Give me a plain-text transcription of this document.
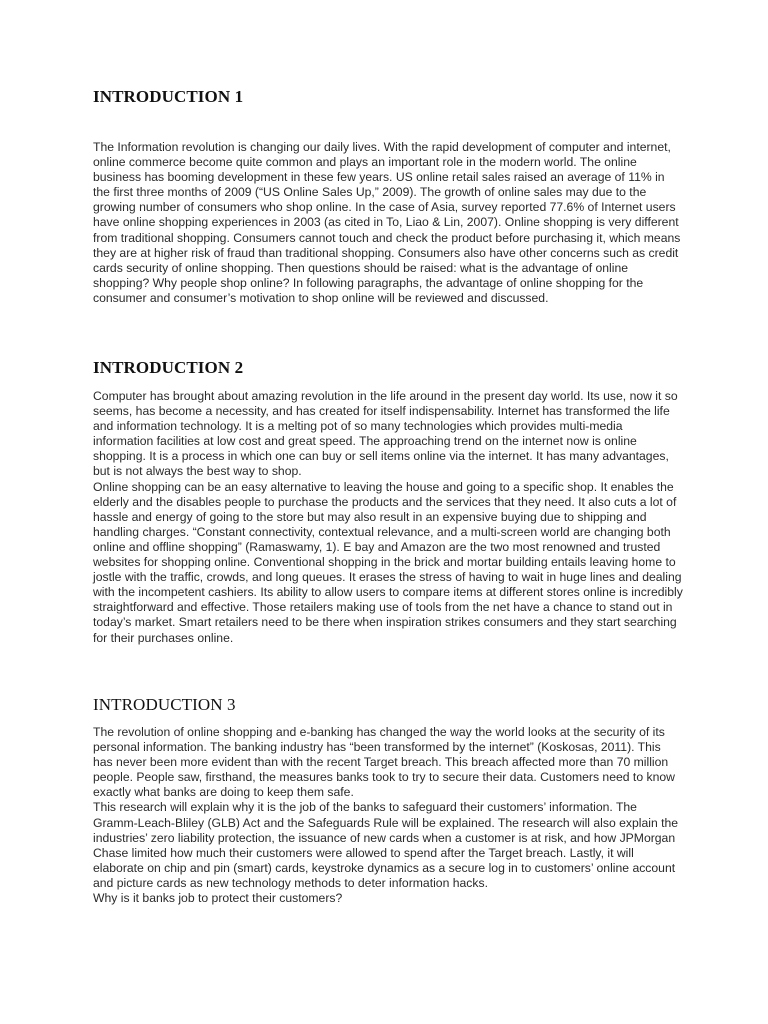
INTRODUCTION 1

The Information revolution is changing our daily lives. With the rapid development of computer and internet, online commerce become quite common and plays an important role in the modern world. The online business has booming development in these few years. US online retail sales raised an average of 11% in the first three months of 2009 (“US Online Sales Up,” 2009). The growth of online sales may due to the growing number of consumers who shop online. In the case of Asia, survey reported 77.6% of Internet users have online shopping experiences in 2003 (as cited in To, Liao & Lin, 2007). Online shopping is very different from traditional shopping. Consumers cannot touch and check the product before purchasing it, which means they are at higher risk of fraud than traditional shopping. Consumers also have other concerns such as credit cards security of online shopping. Then questions should be raised: what is the advantage of online shopping? Why people shop online? In following paragraphs, the advantage of online shopping for the consumer and consumer’s motivation to shop online will be reviewed and discussed.

INTRODUCTION 2

Computer has brought about amazing revolution in the life around in the present day world. Its use, now it so seems, has become a necessity, and has created for itself indispensability. Internet has transformed the life and information technology. It is a melting pot of so many technologies which provides multi-media information facilities at low cost and great speed. The approaching trend on the internet now is online shopping. It is a process in which one can buy or sell items online via the internet. It has many advantages, but is not always the best way to shop.

Online shopping can be an easy alternative to leaving the house and going to a specific shop. It enables the elderly and the disables people to purchase the products and the services that they need. It also cuts a lot of hassle and energy of going to the store but may also result in an expensive buying due to shipping and handling charges. “Constant connectivity, contextual relevance, and a multi-screen world are changing both online and offline shopping” (Ramaswamy, 1). E bay and Amazon are the two most renowned and trusted websites for shopping online. Conventional shopping in the brick and mortar building entails leaving home to jostle with the traffic, crowds, and long queues. It erases the stress of having to wait in huge lines and dealing with the incompetent cashiers. Its ability to allow users to compare items at different stores online is incredibly straightforward and effective. Those retailers making use of tools from the net have a chance to stand out in today’s market. Smart retailers need to be there when inspiration strikes consumers and they start searching for their purchases online.

INTRODUCTION 3

The revolution of online shopping and e-banking has changed the way the world looks at the security of its personal information. The banking industry has “been transformed by the internet” (Koskosas, 2011). This has never been more evident than with the recent Target breach. This breach affected more than 70 million people. People saw, firsthand, the measures banks took to try to secure their data. Customers need to know exactly what banks are doing to keep them safe.

This research will explain why it is the job of the banks to safeguard their customers’ information. The Gramm-Leach-Bliley (GLB) Act and the Safeguards Rule will be explained. The research will also explain the industries’ zero liability protection, the issuance of new cards when a customer is at risk, and how JPMorgan Chase limited how much their customers were allowed to spend after the Target breach. Lastly, it will elaborate on chip and pin (smart) cards, keystroke dynamics as a secure log in to customers’ online account and picture cards as new technology methods to deter information hacks.

Why is it banks job to protect their customers?
